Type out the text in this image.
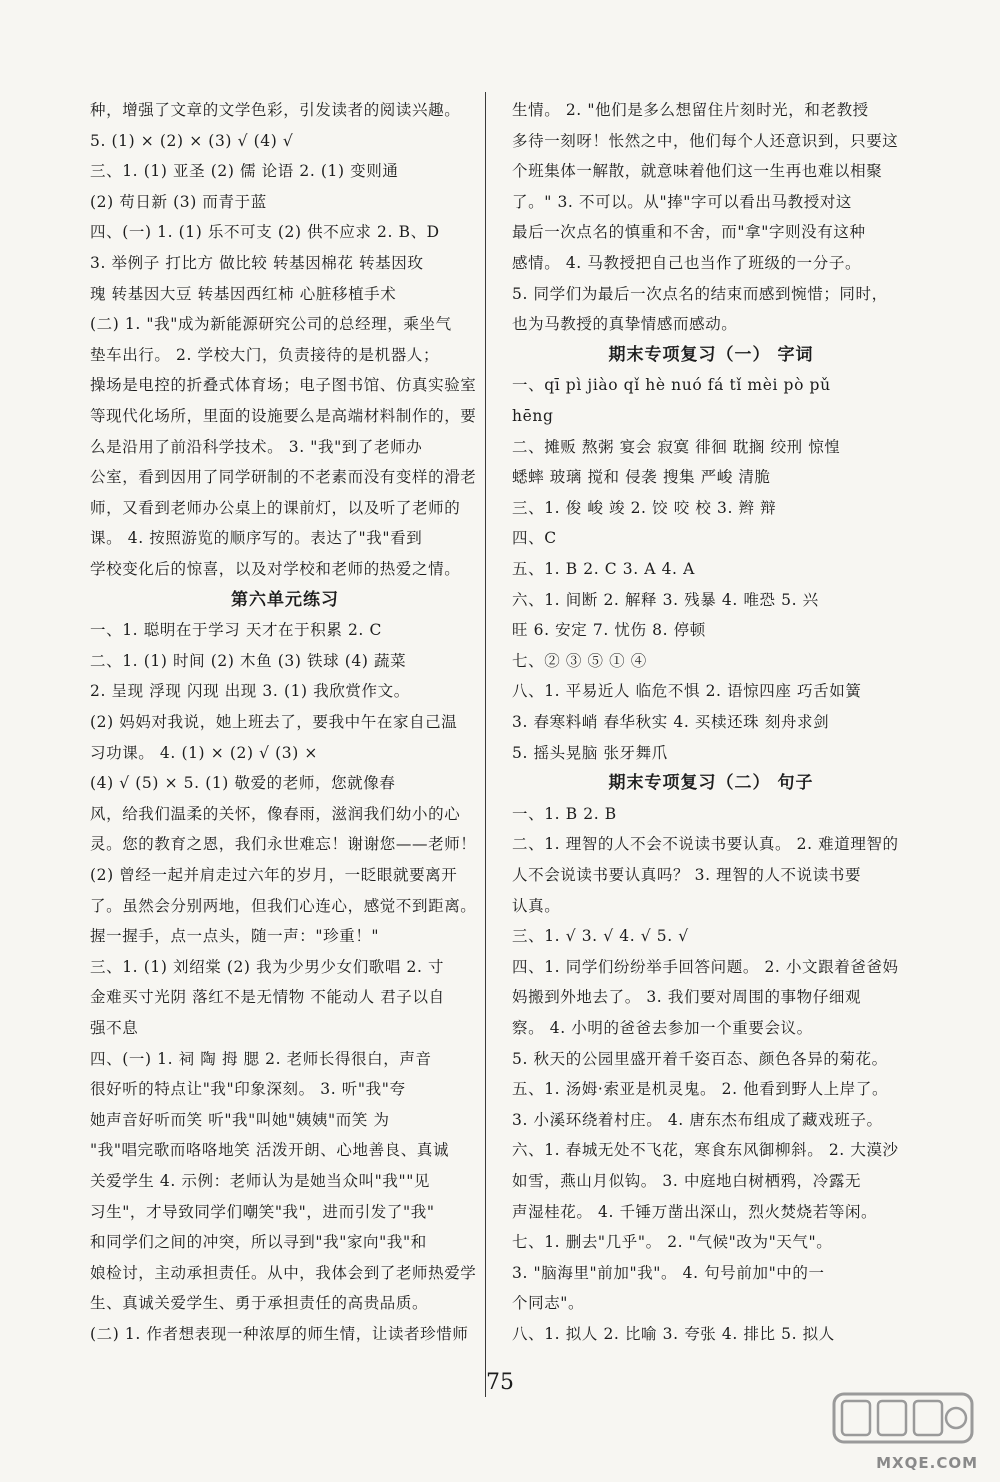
种，增强了文章的文学色彩，引发读者的阅读兴趣。
5. (1) × (2) × (3) √ (4) √
三、1. (1) 亚圣 (2) 儒 论语 2. (1) 变则通
(2) 苟日新 (3) 而青于蓝
四、(一) 1. (1) 乐不可支 (2) 供不应求 2. B、D
3. 举例子 打比方 做比较 转基因棉花 转基因玫
瑰 转基因大豆 转基因西红柿 心脏移植手术
(二) 1. "我"成为新能源研究公司的总经理，乘坐气
垫车出行。 2. 学校大门，负责接待的是机器人；
操场是电控的折叠式体育场；电子图书馆、仿真实验室
等现代化场所，里面的设施要么是高端材料制作的，要
么是沿用了前沿科学技术。 3. "我"到了老师办
公室，看到因用了同学研制的不老素而没有变样的滑老
师，又看到老师办公桌上的课前灯，以及听了老师的
课。 4. 按照游览的顺序写的。表达了"我"看到
学校变化后的惊喜，以及对学校和老师的热爱之情。
第六单元练习
一、1. 聪明在于学习 天才在于积累 2. C
二、1. (1) 时间 (2) 木鱼 (3) 铁球 (4) 蔬菜
2. 呈现 浮现 闪现 出现 3. (1) 我欣赏作文。
(2) 妈妈对我说，她上班去了，要我中午在家自己温
习功课。 4. (1) × (2) √ (3) ×
(4) √ (5) × 5. (1) 敬爱的老师，您就像春
风，给我们温柔的关怀，像春雨，滋润我们幼小的心
灵。您的教育之恩，我们永世难忘！谢谢您——老师！
(2) 曾经一起并肩走过六年的岁月，一眨眼就要离开
了。虽然会分别两地，但我们心连心，感觉不到距离。
握一握手，点一点头，随一声："珍重！"
三、1. (1) 刘绍棠 (2) 我为少男少女们歌唱 2. 寸
金难买寸光阴 落红不是无情物 不能动人 君子以自
强不息
四、(一) 1. 祠 陶 拇 腮 2. 老师长得很白，声音
很好听的特点让"我"印象深刻。 3. 听"我"夸
她声音好听而笑 听"我"叫她"姨姨"而笑 为
"我"唱完歌而咯咯地笑 活泼开朗、心地善良、真诚
关爱学生 4. 示例：老师认为是她当众叫"我""见
习生"，才导致同学们嘲笑"我"，进而引发了"我"
和同学们之间的冲突，所以寻到"我"家向"我"和
娘检讨，主动承担责任。从中，我体会到了老师热爱学
生、真诚关爱学生、勇于承担责任的高贵品质。
(二) 1. 作者想表现一种浓厚的师生情，让读者珍惜师
生情。 2. "他们是多么想留住片刻时光，和老教授
多待一刻呀！怅然之中，他们每个人还意识到，只要这
个班集体一解散，就意味着他们这一生再也难以相聚
了。" 3. 不可以。从"捧"字可以看出马教授对这
最后一次点名的慎重和不舍，而"拿"字则没有这种
感情。 4. 马教授把自己也当作了班级的一分子。
5. 同学们为最后一次点名的结束而感到惋惜；同时，
也为马教授的真挚情感而感动。
期末专项复习（一） 字词
一、qī pì jiào qǐ hè nuó fá tǐ mèi pò pǔ
hēng
二、摊贩 熬粥 宴会 寂寞 徘徊 耽搁 绞刑 惊惶
蟋蟀 玻璃 搅和 侵袭 搜集 严峻 清脆
三、1. 俊 峻 竣 2. 饺 咬 校 3. 辫 辩
四、C
五、1. B 2. C 3. A 4. A
六、1. 间断 2. 解释 3. 残暴 4. 唯恐 5. 兴
旺 6. 安定 7. 忧伤 8. 停顿
七、② ③ ⑤ ① ④
八、1. 平易近人 临危不惧 2. 语惊四座 巧舌如簧
3. 春寒料峭 春华秋实 4. 买椟还珠 刻舟求剑
5. 摇头晃脑 张牙舞爪
期末专项复习（二） 句子
一、1. B 2. B
二、1. 理智的人不会不说读书要认真。 2. 难道理智的
人不会说读书要认真吗？ 3. 理智的人不说读书要
认真。
三、1. √ 3. √ 4. √ 5. √
四、1. 同学们纷纷举手回答问题。 2. 小文跟着爸爸妈
妈搬到外地去了。 3. 我们要对周围的事物仔细观
察。 4. 小明的爸爸去参加一个重要会议。
5. 秋天的公园里盛开着千姿百态、颜色各异的菊花。
五、1. 汤姆·索亚是机灵鬼。 2. 他看到野人上岸了。
3. 小溪环绕着村庄。 4. 唐东杰布组成了藏戏班子。
六、1. 春城无处不飞花，寒食东风御柳斜。 2. 大漠沙
如雪，燕山月似钩。 3. 中庭地白树栖鸦，冷露无
声湿桂花。 4. 千锤万凿出深山，烈火焚烧若等闲。
七、1. 删去"几乎"。 2. "气候"改为"天气"。
3. "脑海里"前加"我"。 4. 句号前加"中的一
个同志"。
八、1. 拟人 2. 比喻 3. 夸张 4. 排比 5. 拟人
75
MXQE.COM
